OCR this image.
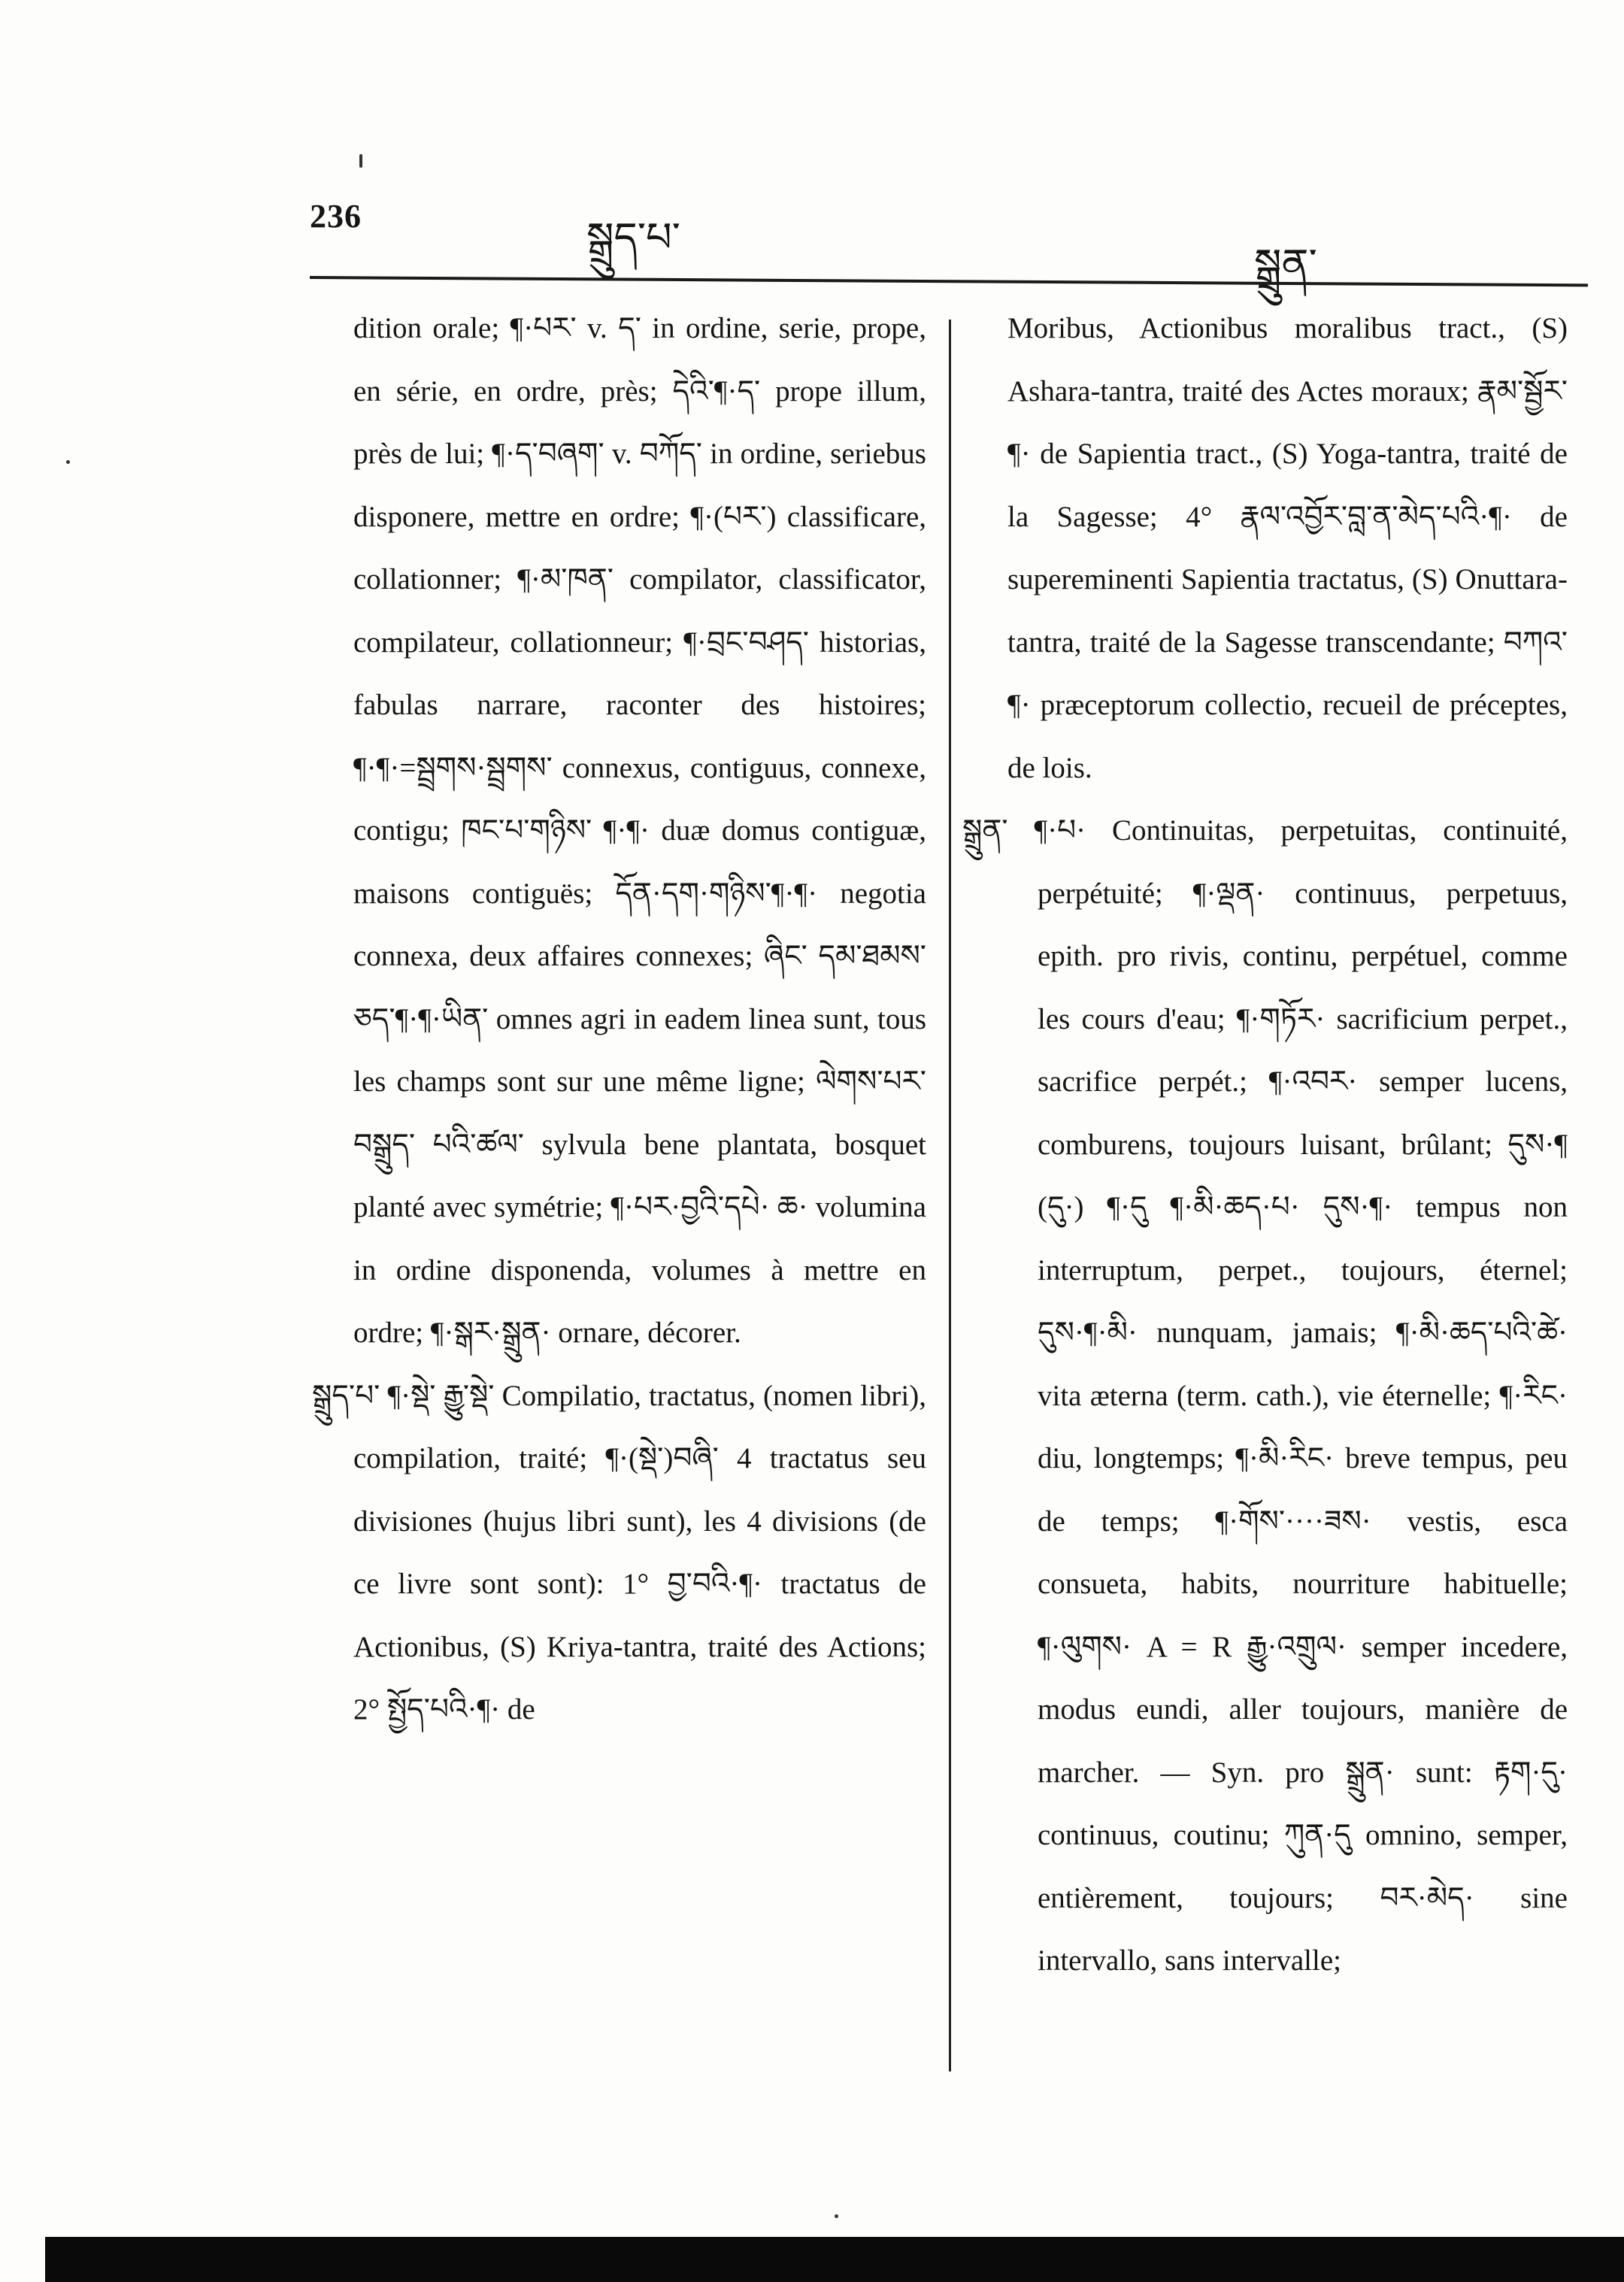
236	སྒྲུད་པ་
སྒྲུན་

dition orale; ¶·པར་ v. ད་ in ordine, serie, prope, en série, en ordre, près; དེའི་¶·ད་ prope illum, près de lui; ¶·ད་བཞག་ v. བཀོད་ in ordine, seriebus disponere, mettre en ordre; ¶·(པར་) classificare, collationner; ¶·མ་ཁན་ compilator, classificator, compilateur, collationneur; ¶·བྲང་བཤད་ historias, fabulas narrare, raconter des histoires; ¶·¶·=སྦྲགས·སྦྲགས་ connexus, contiguus, connexe, contigu; ཁང་པ་གཉིས་ ¶·¶· duæ domus contiguæ, maisons contiguës; དོན·དག·གཉིས་¶·¶· negotia connexa, deux affaires connexes; ཞིང་ དམ་ཐམས་ཅད་¶·¶·ཡིན་ omnes agri in eadem linea sunt, tous les champs sont sur une même ligne; ལེགས་པར་བསྒྲུད་ པའི་ཚལ་ sylvula bene plantata, bosquet planté avec symétrie; ¶·པར·བྱའི་དཔེ· ཆ· volumina in ordine disponenda, volumes à mettre en ordre; ¶·སྒར·སྒྲུན· ornare, décorer.

སྒྲུད་པ་ ¶·སྡེ་ རྒྱུ་སྡེ་ Compilatio, tractatus, (nomen libri), compilation, traité; ¶·(སྡེ་)བཞི་ 4 tractatus seu divisiones (hujus libri sunt), les 4 divisions (de ce livre sont sont): 1° བྱ་བའི·¶· tractatus de Actionibus, (S) Kriya-tantra, traité des Actions; 2° སྤྱོད་པའི·¶· de

Moribus, Actionibus moralibus tract., (S) Ashara-tantra, traité des Actes moraux; རྣམ་སྦྱོར་¶· de Sapientia tract., (S) Yoga-tantra, traité de la Sagesse; 4° རྣལ་འབྱོར་བླ་ན་མེད་པའི·¶· de supereminenti Sapientia tractatus, (S) Onuttaratantra, traité de la Sagesse transcendante; བཀའ་¶· præceptorum collectio, recueil de préceptes, de lois.

སྒྲུན་ ¶·པ· Continuitas, perpetuitas, continuité, perpétuité; ¶·ལྡན· continuus, perpetuus, epith. pro rivis, continu, perpétuel, comme les cours d'eau; ¶·གཏོར· sacrificium perpet., sacrifice perpét.; ¶·འབར· semper lucens, comburens, toujours luisant, brûlant; དུས·¶ (དུ·) ¶·དུ ¶·མི·ཆད·པ· དུས·¶· tempus non interruptum, perpet., toujours, éternel; དུས·¶·མི· nunquam, jamais; ¶·མི·ཆད་པའི་ཚེ· vita æterna (term. cath.), vie éternelle; ¶·རིང· diu, longtemps; ¶·མི·རིང· breve tempus, peu de temps; ¶·གོས་····ཟས· vestis, esca consueta, habits, nourriture habituelle; ¶·ལུགས· A = R རྒྱུ·འགྲུལ· semper incedere, modus eundi, aller toujours, manière de marcher. — Syn. pro སྒྲུན· sunt: རྟག·དུ· continuus, coutinu; ཀུན·དུ omnino, semper, entièrement, toujours; བར·མེད· sine intervallo, sans intervalle;
